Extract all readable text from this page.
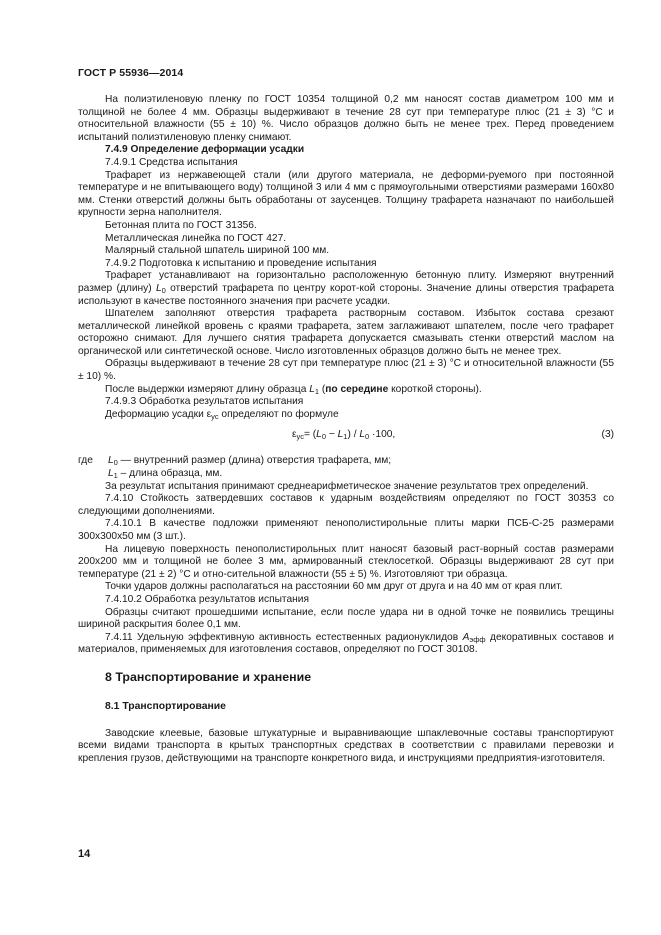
ГОСТ Р 55936—2014

На полиэтиленовую пленку по ГОСТ 10354 толщиной 0,2 мм наносят состав диаметром 100 мм и толщиной не более 4 мм. Образцы выдерживают в течение 28 сут при температуре плюс (21 ± 3) °С и относительной влажности (55 ± 10) %. Число образцов должно быть не менее трех. Перед проведением испытаний полиэтиленовую пленку снимают.

7.4.9 Определение деформации усадки

7.4.9.1 Средства испытания

Трафарет из нержавеющей стали (или другого материала, не деформи-руемого при постоянной температуре и не впитывающего воду) толщиной 3 или 4 мм с прямоугольными отверстиями размерами 160х80 мм. Стенки отверстий должны быть обработаны от заусенцев. Толщину трафарета назначают по наибольшей крупности зерна наполнителя.

Бетонная плита по ГОСТ 31356.

Металлическая линейка по ГОСТ 427.

Малярный стальной шпатель шириной 100 мм.

7.4.9.2 Подготовка к испытанию и проведение испытания

Трафарет устанавливают на горизонтально расположенную бетонную плиту. Измеряют внутренний размер (длину) $L_0$ отверстий трафарета по центру корот-кой стороны. Значение длины отверстия трафарета используют в качестве постоянного значения при расчете усадки.

Шпателем заполняют отверстия трафарета растворным составом. Избыток состава срезают металлической линейкой вровень с краями трафарета, затем заглаживают шпателем, после чего трафарет осторожно снимают. Для лучшего снятия трафарета допускается смазывать стенки отверстий маслом на органической или синтетической основе. Число изготовленных образцов должно быть не менее трех.

Образцы выдерживают в течение 28 сут при температуре плюс (21 ± 3) °С и относительной влажности (55 ± 10) %.

После выдержки измеряют длину образца $L_1$ (по середине короткой стороны).

7.4.9.3 Обработка результатов испытания

Деформацию усадки $\varepsilon_{ус}$ определяют по формуле

$\varepsilon_{ус}= (L_0 - L_1) / L_0 \cdot 100$,	(3)

где $L_0$ — внутренний размер (длина) отверстия трафарета, мм;

$L_1$ – длина образца, мм.

За результат испытания принимают среднеарифметическое значение результатов трех определений.

7.4.10 Стойкость затвердевших составов к ударным воздействиям определяют по ГОСТ 30353 со следующими дополнениями.

7.4.10.1 В качестве подложки применяют пенополистирольные плиты марки ПСБ-С-25 размерами 300х300х50 мм (3 шт.).

На лицевую поверхность пенополистирольных плит наносят базовый раст-ворный состав размерами 200х200 мм и толщиной не более 3 мм, армированный стеклосеткой. Образцы выдерживают 28 сут при температуре (21 ± 2) °С и отно-сительной влажности (55 ± 5) %. Изготовляют три образца.

Точки ударов должны располагаться на расстоянии 60 мм друг от друга и на 40 мм от края плит.

7.4.10.2 Обработка результатов испытания

Образцы считают прошедшими испытание, если после удара ни в одной точке не появились трещины шириной раскрытия более 0,1 мм.

7.4.11 Удельную эффективную активность естественных радионуклидов $А_{эфф}$ декоративных составов и материалов, применяемых для изготовления составов, определяют по ГОСТ 30108.

8 Транспортирование и хранение
8.1 Транспортирование

Заводские клеевые, базовые штукатурные и выравнивающие шпаклевочные составы транспортируют всеми видами транспорта в крытых транспортных средствах в соответствии с правилами перевозки и крепления грузов, действующими на транспорте конкретного вида, и инструкциями предприятия-изготовителя.

14
